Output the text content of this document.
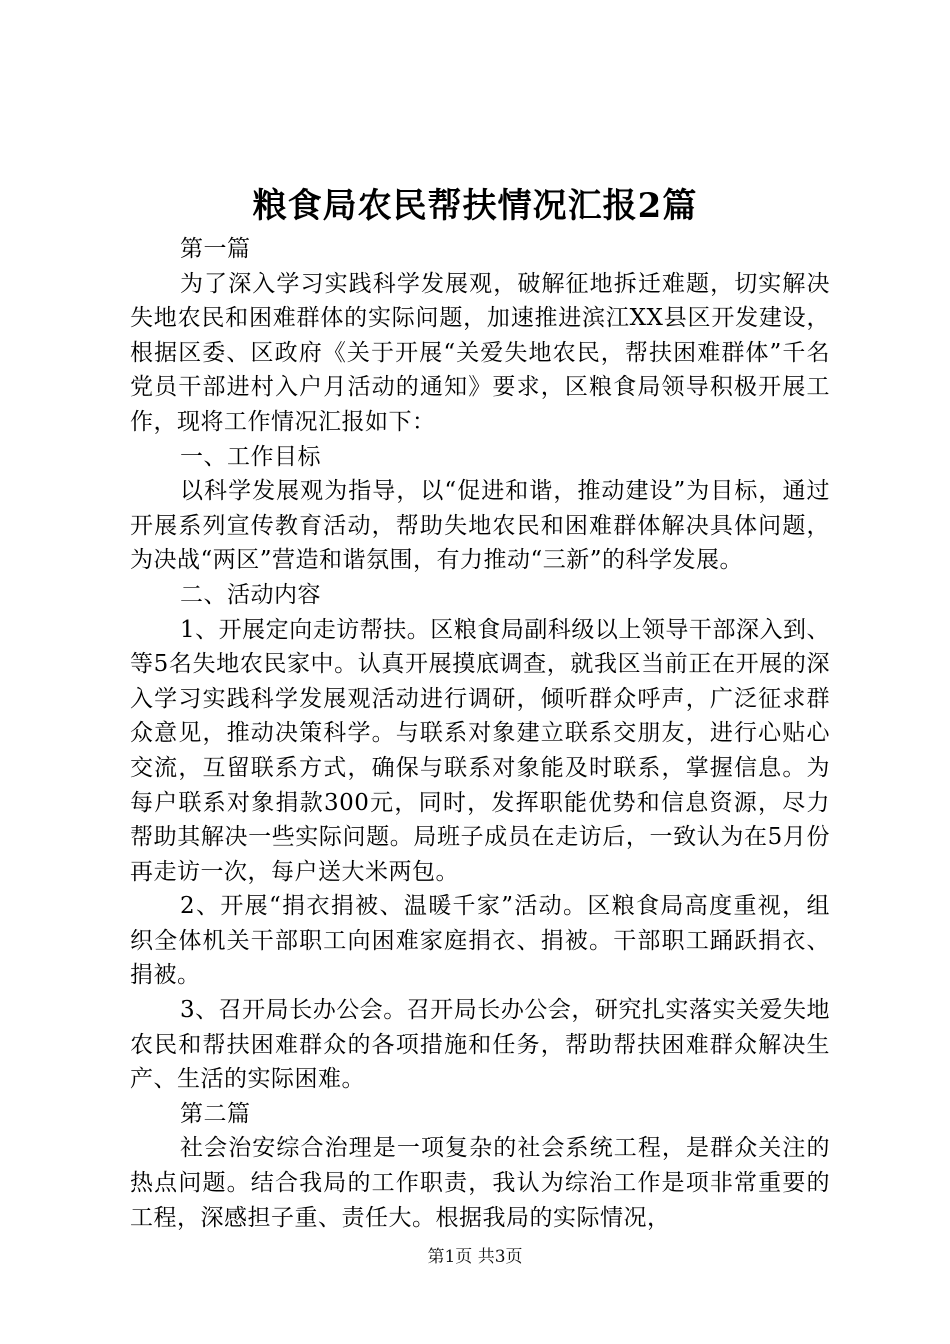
粮食局农民帮扶情况汇报2篇

第一篇

为了深入学习实践科学发展观，破解征地拆迁难题，切实解决失地农民和困难群体的实际问题，加速推进滨江XX县区开发建设，根据区委、区政府《关于开展“关爱失地农民，帮扶困难群体”千名党员干部进村入户月活动的通知》要求，区粮食局领导积极开展工作，现将工作情况汇报如下：

一、工作目标

以科学发展观为指导，以“促进和谐，推动建设”为目标，通过开展系列宣传教育活动，帮助失地农民和困难群体解决具体问题，为决战“两区”营造和谐氛围，有力推动“三新”的科学发展。

二、活动内容

1、开展定向走访帮扶。区粮食局副科级以上领导干部深入到、等5名失地农民家中。认真开展摸底调查，就我区当前正在开展的深入学习实践科学发展观活动进行调研，倾听群众呼声，广泛征求群众意见，推动决策科学。与联系对象建立联系交朋友，进行心贴心交流，互留联系方式，确保与联系对象能及时联系，掌握信息。为每户联系对象捐款300元，同时，发挥职能优势和信息资源，尽力帮助其解决一些实际问题。局班子成员在走访后，一致认为在5月份再走访一次，每户送大米两包。

2、开展“捐衣捐被、温暖千家”活动。区粮食局高度重视，组织全体机关干部职工向困难家庭捐衣、捐被。干部职工踊跃捐衣、捐被。

3、召开局长办公会。召开局长办公会，研究扎实落实关爱失地农民和帮扶困难群众的各项措施和任务，帮助帮扶困难群众解决生产、生活的实际困难。

第二篇

社会治安综合治理是一项复杂的社会系统工程，是群众关注的热点问题。结合我局的工作职责，我认为综治工作是项非常重要的工程，深感担子重、责任大。根据我局的实际情况，

第1页 共3页
